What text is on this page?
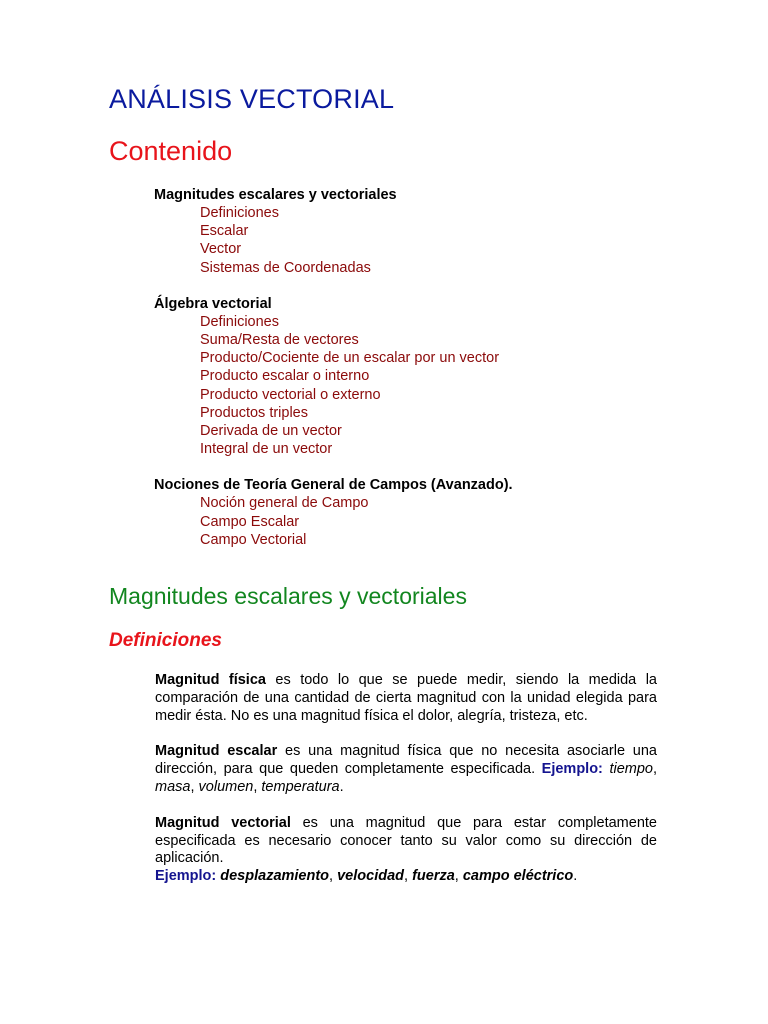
ANÁLISIS VECTORIAL
Contenido
Magnitudes escalares y vectoriales
Definiciones
Escalar
Vector
Sistemas de Coordenadas
Álgebra vectorial
Definiciones
Suma/Resta de vectores
Producto/Cociente de un escalar por un vector
Producto escalar o interno
Producto vectorial o externo
Productos triples
Derivada de un vector
Integral de un vector
Nociones de Teoría General de Campos (Avanzado).
Noción general de Campo
Campo Escalar
Campo Vectorial
Magnitudes escalares y vectoriales
Definiciones

Magnitud física es todo lo que se puede medir, siendo la medida la comparación de una cantidad de cierta magnitud con la unidad elegida para medir ésta. No es una magnitud física el dolor, alegría, tristeza, etc.

Magnitud escalar es una magnitud física que no necesita asociarle una dirección, para que queden completamente especificada. Ejemplo: tiempo, masa, volumen, temperatura.

Magnitud vectorial es una magnitud que para estar completamente especificada es necesario conocer tanto su valor como su dirección de aplicación.
Ejemplo: desplazamiento, velocidad, fuerza, campo eléctrico.
